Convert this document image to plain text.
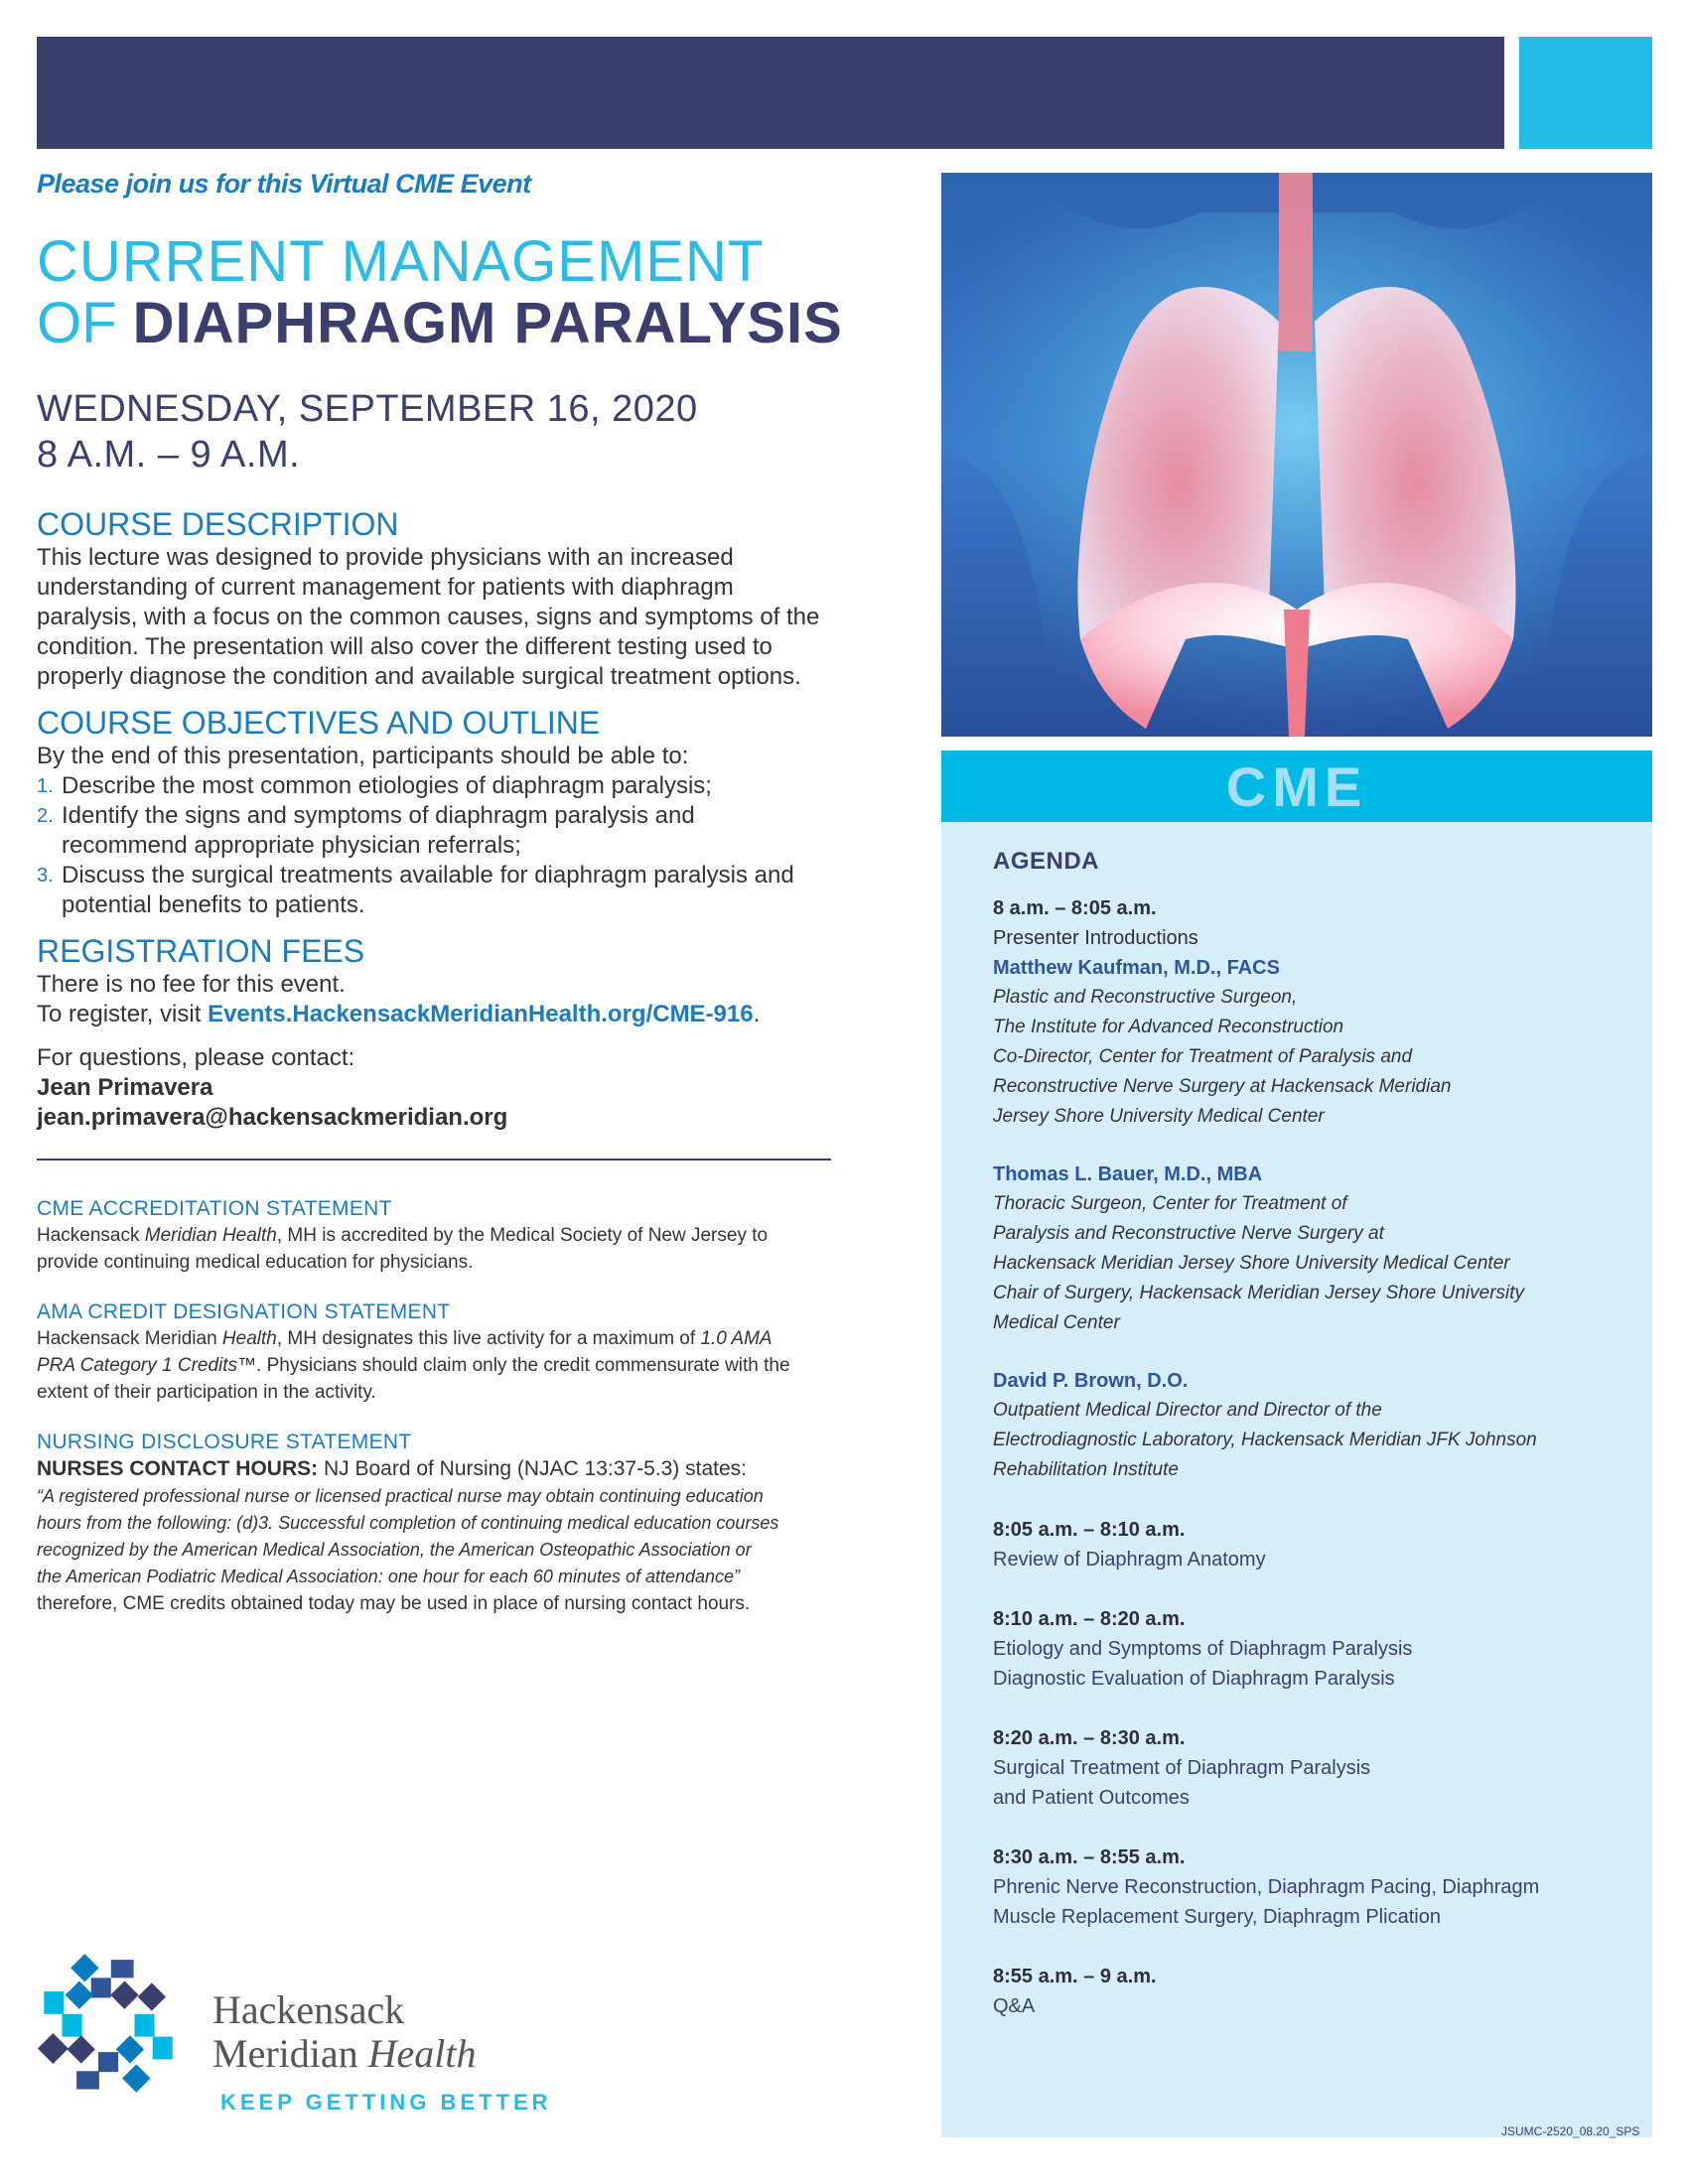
Please join us for this Virtual CME Event
CURRENT MANAGEMENT
OF DIAPHRAGM PARALYSIS
WEDNESDAY, SEPTEMBER 16, 2020
8 A.M. – 9 A.M.
COURSE DESCRIPTION
This lecture was designed to provide physicians with an increased
understanding of current management for patients with diaphragm
paralysis, with a focus on the common causes, signs and symptoms of the
condition. The presentation will also cover the different testing used to
properly diagnose the condition and available surgical treatment options.
COURSE OBJECTIVES AND OUTLINE
By the end of this presentation, participants should be able to:
1. Describe the most common etiologies of diaphragm paralysis;
2. Identify the signs and symptoms of diaphragm paralysis and
recommend appropriate physician referrals;
3. Discuss the surgical treatments available for diaphragm paralysis and
potential benefits to patients.
REGISTRATION FEES
There is no fee for this event.
To register, visit Events.HackensackMeridianHealth.org/CME-916.
For questions, please contact:
Jean Primavera
jean.primavera@hackensackmeridian.org
CME ACCREDITATION STATEMENT
Hackensack Meridian Health, MH is accredited by the Medical Society of New Jersey to
provide continuing medical education for physicians.
AMA CREDIT DESIGNATION STATEMENT
Hackensack Meridian Health, MH designates this live activity for a maximum of 1.0 AMA
PRA Category 1 Credits™. Physicians should claim only the credit commensurate with the
extent of their participation in the activity.
NURSING DISCLOSURE STATEMENT
NURSES CONTACT HOURS: NJ Board of Nursing (NJAC 13:37-5.3) states:
“A registered professional nurse or licensed practical nurse may obtain continuing education
hours from the following: (d)3. Successful completion of continuing medical education courses
recognized by the American Medical Association, the American Osteopathic Association or
the American Podiatric Medical Association: one hour for each 60 minutes of attendance”
therefore, CME credits obtained today may be used in place of nursing contact hours.
Hackensack
Meridian Health
KEEP GETTING BETTER
CME
AGENDA
8 a.m. – 8:05 a.m.
Presenter Introductions
Matthew Kaufman, M.D., FACS
Plastic and Reconstructive Surgeon,
The Institute for Advanced Reconstruction
Co-Director, Center for Treatment of Paralysis and
Reconstructive Nerve Surgery at Hackensack Meridian
Jersey Shore University Medical Center
Thomas L. Bauer, M.D., MBA
Thoracic Surgeon, Center for Treatment of
Paralysis and Reconstructive Nerve Surgery at
Hackensack Meridian Jersey Shore University Medical Center
Chair of Surgery, Hackensack Meridian Jersey Shore University
Medical Center
David P. Brown, D.O.
Outpatient Medical Director and Director of the
Electrodiagnostic Laboratory, Hackensack Meridian JFK Johnson
Rehabilitation Institute
8:05 a.m. – 8:10 a.m.
Review of Diaphragm Anatomy
8:10 a.m. – 8:20 a.m.
Etiology and Symptoms of Diaphragm Paralysis
Diagnostic Evaluation of Diaphragm Paralysis
8:20 a.m. – 8:30 a.m.
Surgical Treatment of Diaphragm Paralysis
and Patient Outcomes
8:30 a.m. – 8:55 a.m.
Phrenic Nerve Reconstruction, Diaphragm Pacing, Diaphragm
Muscle Replacement Surgery, Diaphragm Plication
8:55 a.m. – 9 a.m.
Q&A
JSUMC-2520_08.20_SPS
